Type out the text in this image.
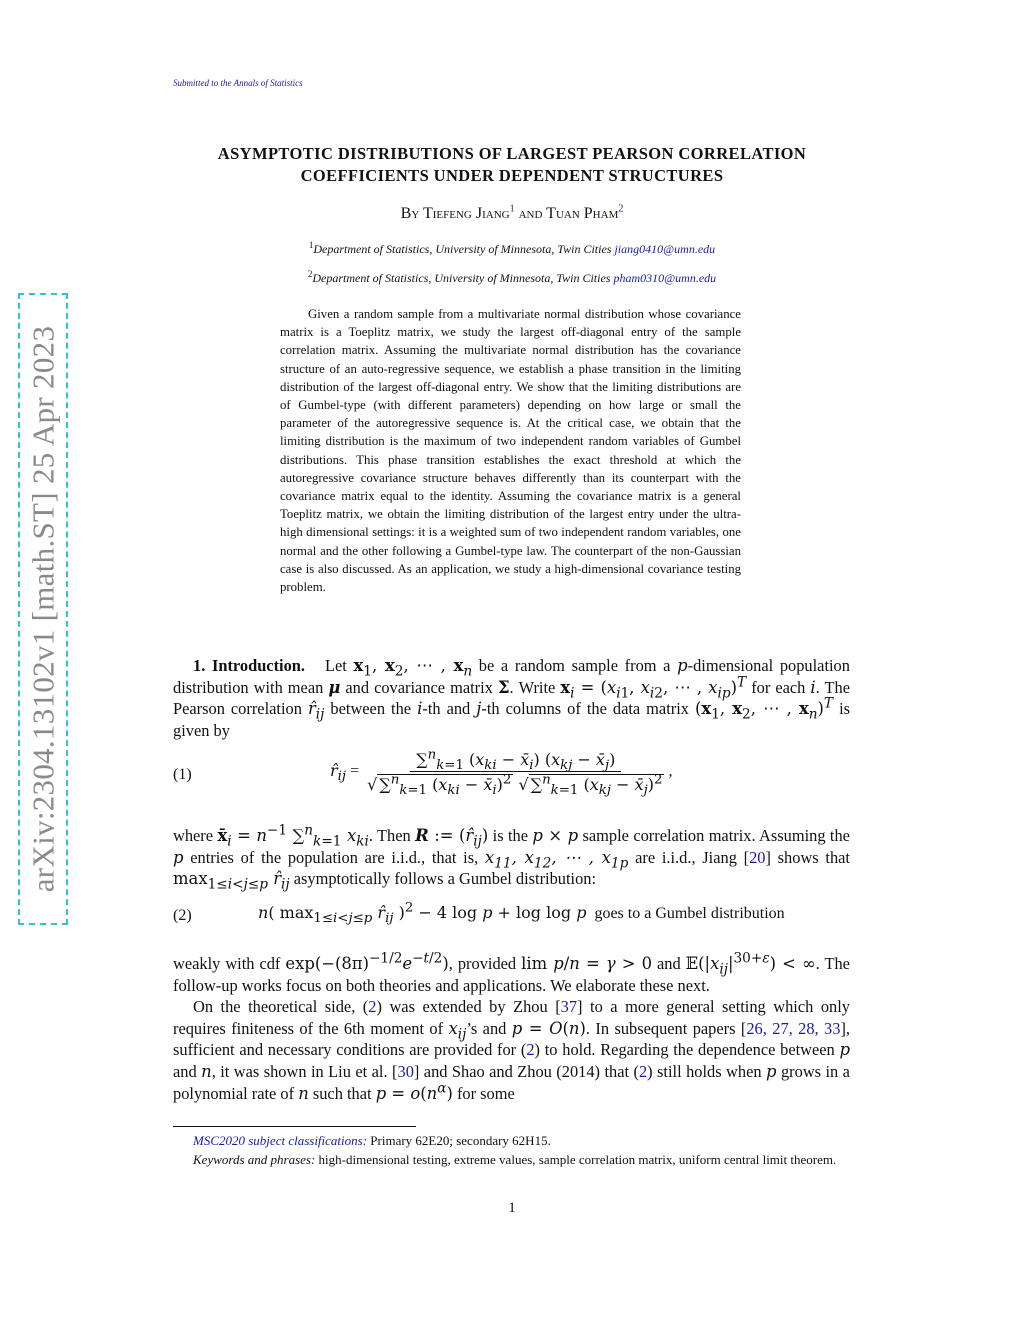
Submitted to the Annals of Statistics
arXiv:2304.13102v1 [math.ST] 25 Apr 2023
ASYMPTOTIC DISTRIBUTIONS OF LARGEST PEARSON CORRELATION
COEFFICIENTS UNDER DEPENDENT STRUCTURES
By Tiefeng Jiang$^1$ and Tuan Pham$^2$
$^1$Department of Statistics, University of Minnesota, Twin Cities jiang0410@umn.edu
$^2$Department of Statistics, University of Minnesota, Twin Cities pham0310@umn.edu

Given a random sample from a multivariate normal distribution whose covariance matrix is a Toeplitz matrix, we study the largest off-diagonal entry of the sample correlation matrix. Assuming the multivariate normal distribution has the covariance structure of an auto-regressive sequence, we establish a phase transition in the limiting distribution of the largest off-diagonal entry. We show that the limiting distributions are of Gumbel-type (with different parameters) depending on how large or small the parameter of the autoregressive sequence is. At the critical case, we obtain that the limiting distribution is the maximum of two independent random variables of Gumbel distributions. This phase transition establishes the exact threshold at which the autoregressive covariance structure behaves differently than its counterpart with the covariance matrix equal to the identity. Assuming the covariance matrix is a general Toeplitz matrix, we obtain the limiting distribution of the largest entry under the ultra-high dimensional settings: it is a weighted sum of two independent random variables, one normal and the other following a Gumbel-type law. The counterpart of the non-Gaussian case is also discussed. As an application, we study a high-dimensional covariance testing problem.

1. Introduction. Let $x_1$, $x_2$, ⋯ , $x_n$ be a random sample from a p-dimensional population distribution with mean μ and covariance matrix Σ. Write $x_i = (x_{i1}$, $x_{i2}$, ⋯ , $x_{ip})^T$ for each i. The Pearson correlation $r̂_{ij}$ between the i-th and j-th columns of the data matrix ($x_1$, $x_2$, ⋯ , $x_n)^T$ is given by

(1)	$r̂_{ij} = \frac{\sum^n_{k=1} (x_{ki} - x̄_i) (x_{kj} - x̄_j)}{√ \sum^n_{k=1} (x_{ki} - x̄_i)^2 √ \sum^n_{k=1} (x_{kj} - x̄_j)^2}$ ,

where $x̄_i = n^{-1}$ ∑$^n_{k=1}$ $x_{ki}$. Then R := $(r̂_{ij})$ is the p × p sample correlation matrix. Assuming the p entries of the population are i.i.d., that is, $x_{11}$, $x_{12}$, ⋯ , $x_{1p}$ are i.i.d., Jiang [20] shows that $\max_{1\le i<j\le p}$ $r̂_{ij}$ asymptotically follows a Gumbel distribution:

(2)	n( $\max_{1\le i<j\le p}$ $r̂_{ij}$ )$^2$ − 4 log p + log log p goes to a Gumbel distribution

weakly with cdf $\exp(-(8\pi)^{-1/2}e^{-t/2})$, provided lim p/n = γ > 0 and $𝔼(|x_{ij}|^{30+\varepsilon})$ < ∞. The follow-up works focus on both theories and applications. We elaborate these next.

On the theoretical side, (2) was extended by Zhou [37] to a more general setting which only requires finiteness of the 6th moment of $x_{ij}’s$ and p = O(n). In subsequent papers [26, 27, 28, 33], sufficient and necessary conditions are provided for (2) to hold. Regarding the dependence between p and n, it was shown in Liu et al. [30] and Shao and Zhou (2014) that (2) still holds when p grows in a polynomial rate of n such that $p = o(n^\alpha)$ for some

MSC2020 subject classifications: Primary 62E20; secondary 62H15.

Keywords and phrases: high-dimensional testing, extreme values, sample correlation matrix, uniform central limit theorem.

1
